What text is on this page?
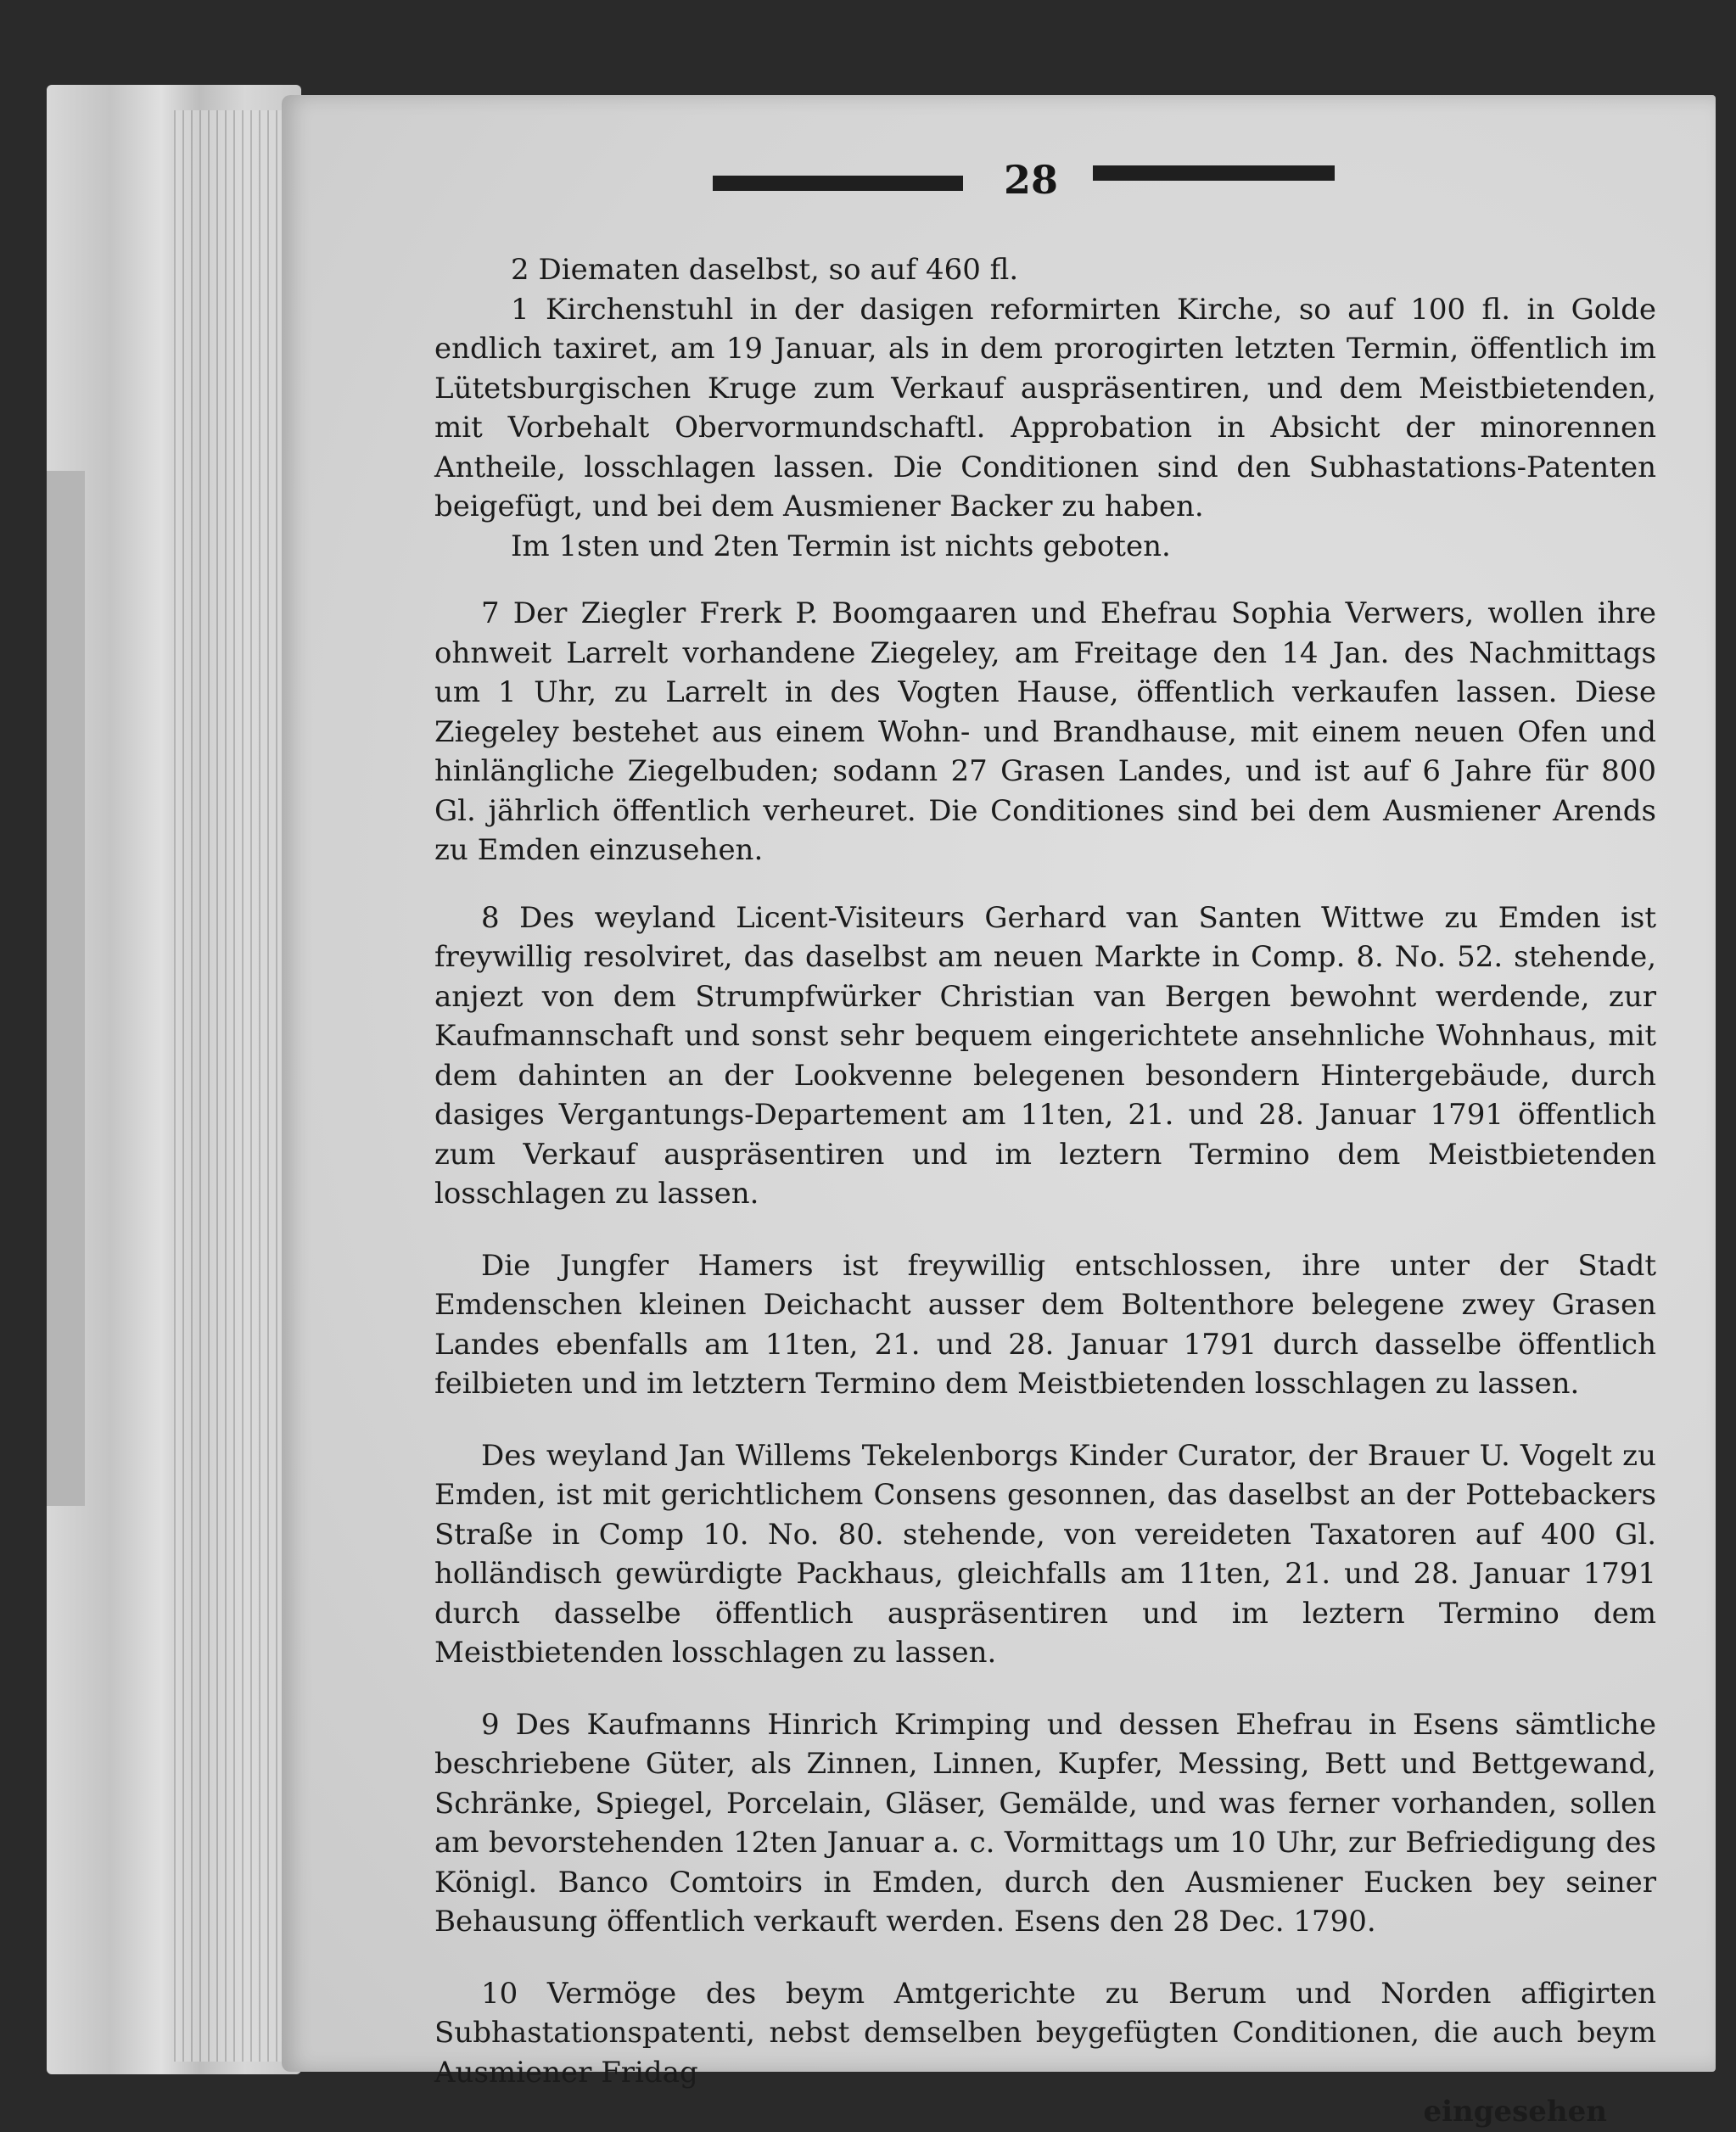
28

2 Diematen daselbst, so auf 460 fl.

1 Kirchenstuhl in der dasigen reformirten Kirche, so auf 100 fl. in Golde endlich taxiret, am 19 Januar, als in dem prorogirten letzten Termin, öffentlich im Lütetsburgischen Kruge zum Verkauf auspräsentiren, und dem Meistbietenden, mit Vorbehalt Obervormundschaftl. Approbation in Absicht der minorennen Antheile, losschlagen lassen. Die Conditionen sind den Subhastations-Patenten beigefügt, und bei dem Ausmiener Backer zu haben.

Im 1sten und 2ten Termin ist nichts geboten.

7 Der Ziegler Frerk P. Boomgaaren und Ehefrau Sophia Verwers, wollen ihre ohnweit Larrelt vorhandene Ziegeley, am Freitage den 14 Jan. des Nachmittags um 1 Uhr, zu Larrelt in des Vogten Hause, öffentlich verkaufen lassen. Diese Ziegeley bestehet aus einem Wohn- und Brandhause, mit einem neuen Ofen und hinlängliche Ziegelbuden; sodann 27 Grasen Landes, und ist auf 6 Jahre für 800 Gl. jährlich öffentlich verheuret. Die Conditiones sind bei dem Ausmiener Arends zu Emden einzusehen.

8 Des weyland Licent-Visiteurs Gerhard van Santen Wittwe zu Emden ist freywillig resolviret, das daselbst am neuen Markte in Comp. 8. No. 52. stehende, anjezt von dem Strumpfwürker Christian van Bergen bewohnt werdende, zur Kaufmannschaft und sonst sehr bequem eingerichtete ansehnliche Wohnhaus, mit dem dahinten an der Lookvenne belegenen besondern Hintergebäude, durch dasiges Vergantungs-Departement am 11ten, 21. und 28. Januar 1791 öffentlich zum Verkauf auspräsentiren und im leztern Termino dem Meistbietenden losschlagen zu lassen.

Die Jungfer Hamers ist freywillig entschlossen, ihre unter der Stadt Emdenschen kleinen Deichacht ausser dem Boltenthore belegene zwey Grasen Landes ebenfalls am 11ten, 21. und 28. Januar 1791 durch dasselbe öffentlich feilbieten und im letztern Termino dem Meistbietenden losschlagen zu lassen.

Des weyland Jan Willems Tekelenborgs Kinder Curator, der Brauer U. Vogelt zu Emden, ist mit gerichtlichem Consens gesonnen, das daselbst an der Pottebackers Straße in Comp 10. No. 80. stehende, von vereideten Taxatoren auf 400 Gl. holländisch gewürdigte Packhaus, gleichfalls am 11ten, 21. und 28. Januar 1791 durch dasselbe öffentlich auspräsentiren und im leztern Termino dem Meistbietenden losschlagen zu lassen.

9 Des Kaufmanns Hinrich Krimping und dessen Ehefrau in Esens sämtliche beschriebene Güter, als Zinnen, Linnen, Kupfer, Messing, Bett und Bettgewand, Schränke, Spiegel, Porcelain, Gläser, Gemälde, und was ferner vorhanden, sollen am bevorstehenden 12ten Januar a. c. Vormittags um 10 Uhr, zur Befriedigung des Königl. Banco Comtoirs in Emden, durch den Ausmiener Eucken bey seiner Behausung öffentlich verkauft werden. Esens den 28 Dec. 1790.

10 Vermöge des beym Amtgerichte zu Berum und Norden affigirten Subhastationspatenti, nebst demselben beygefügten Conditionen, die auch beym Ausmiener Fridag

eingesehen
